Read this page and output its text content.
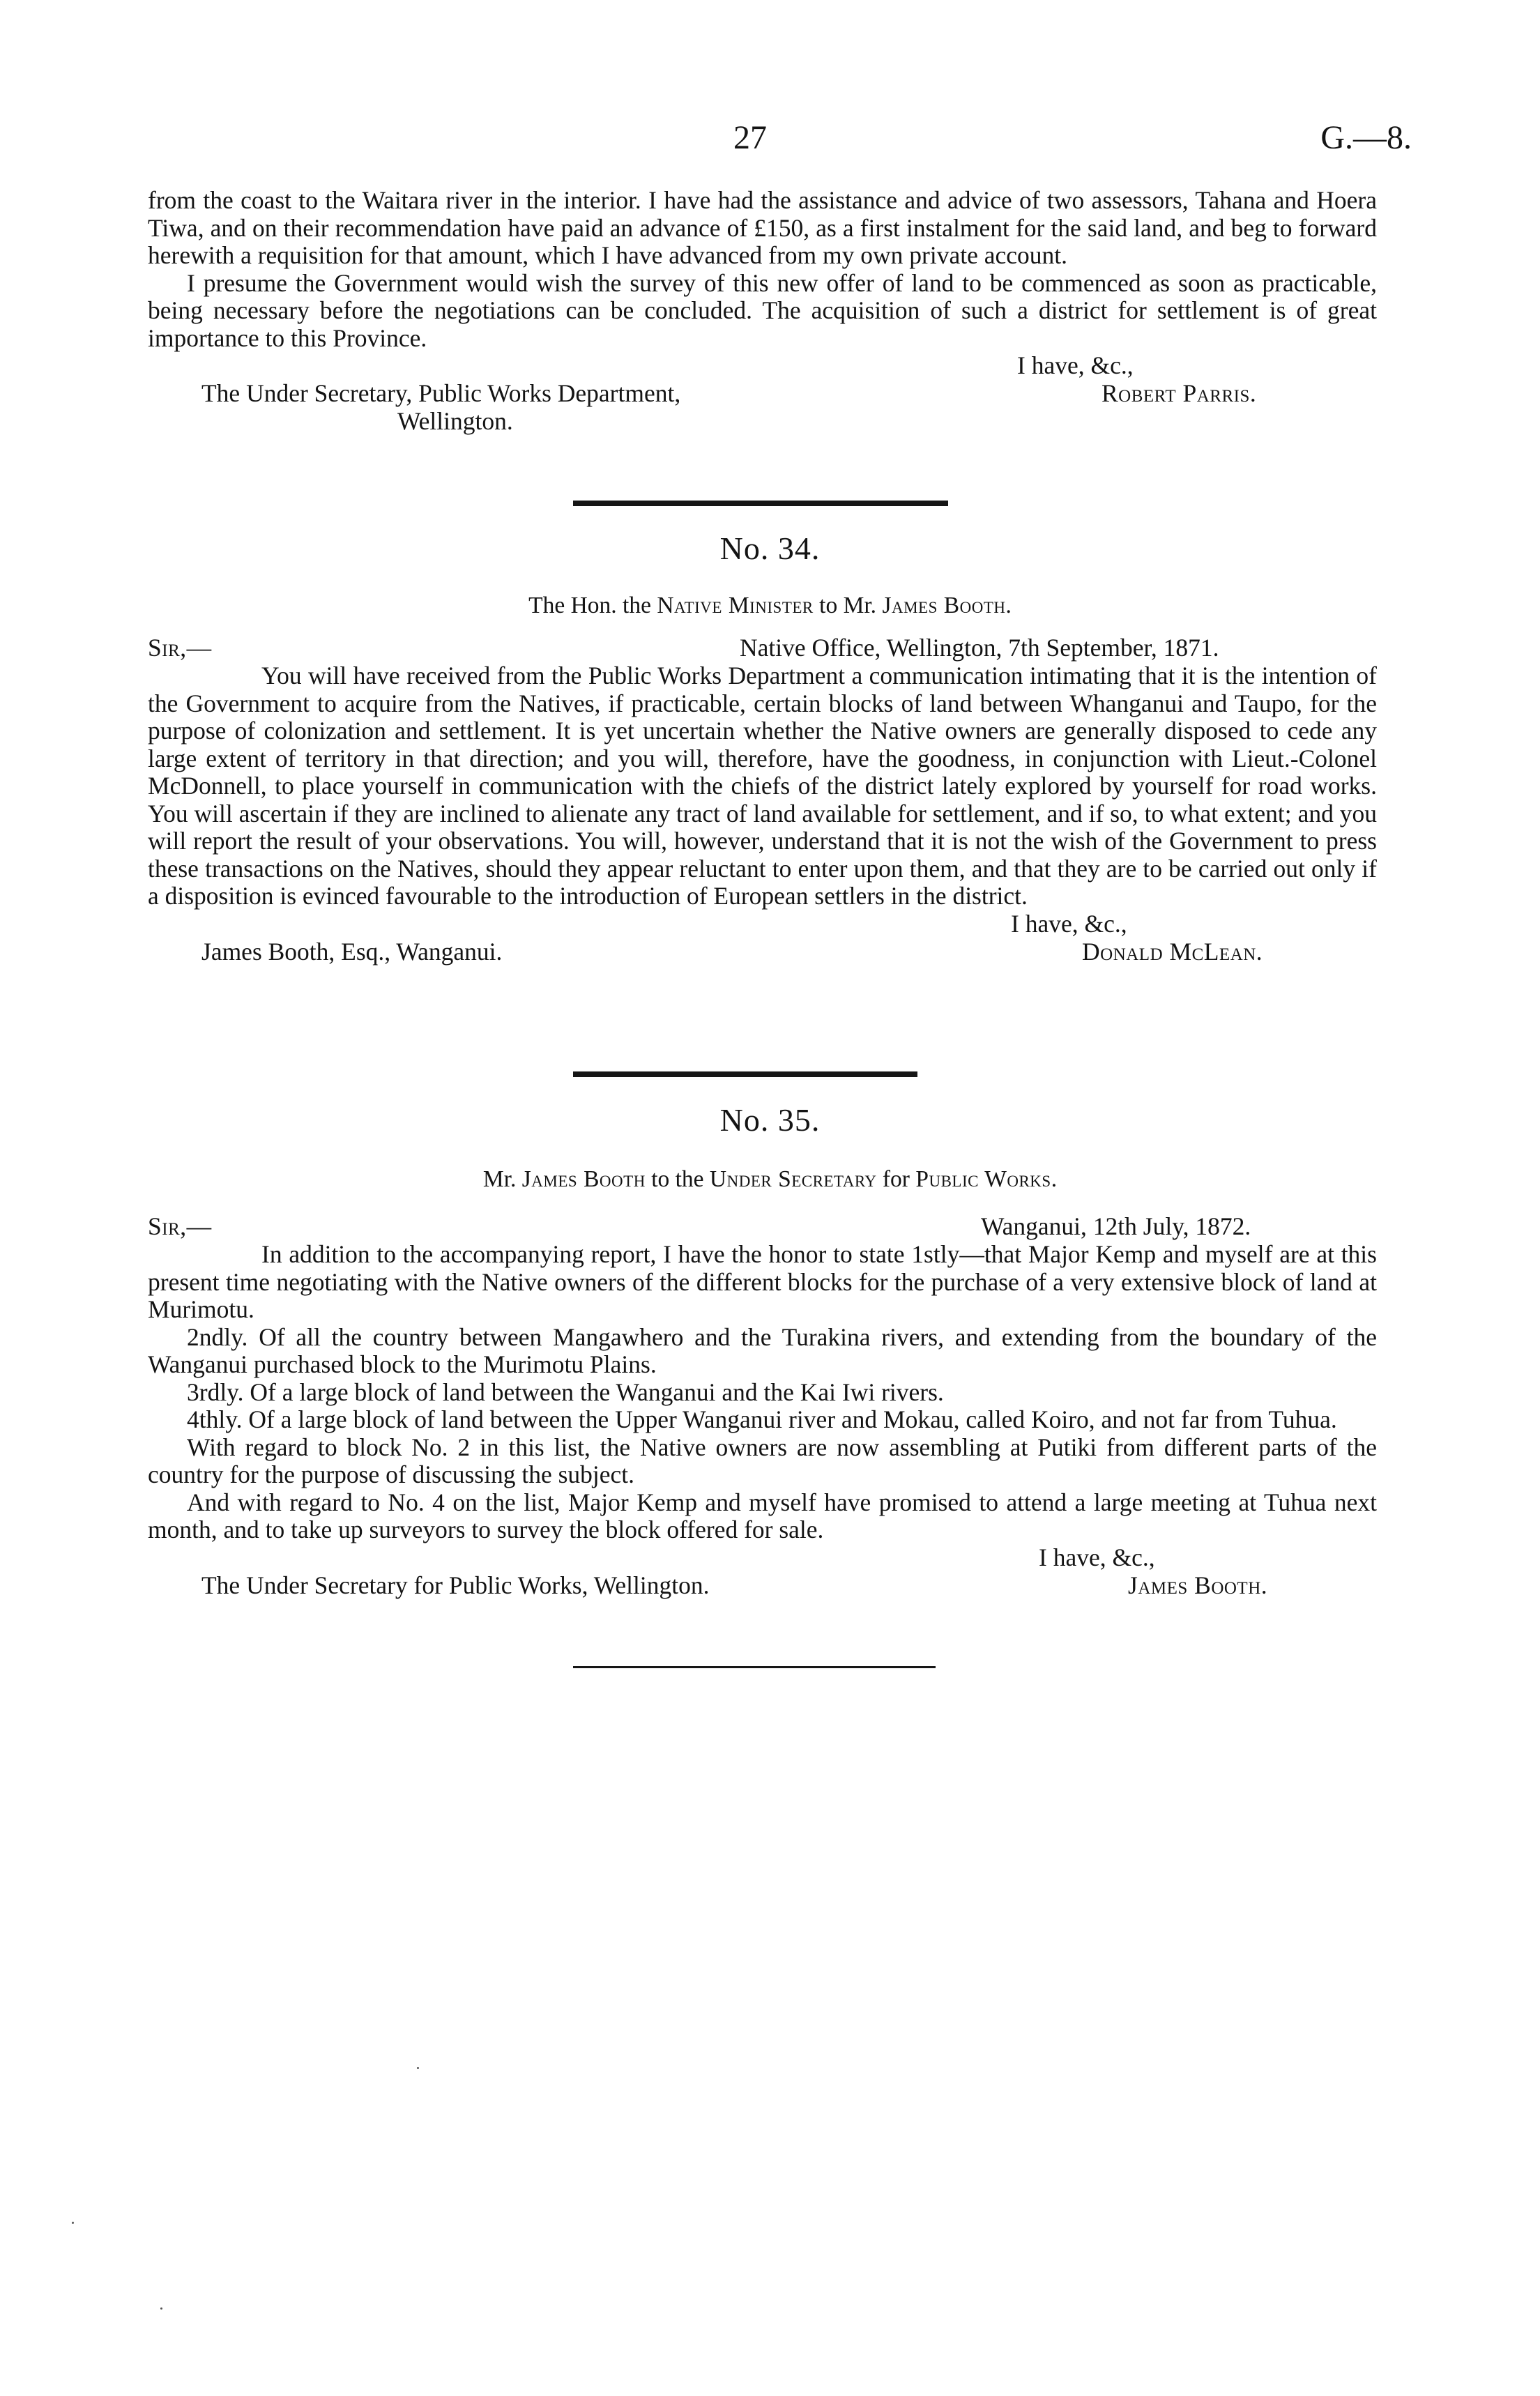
27	G.—8.

from the coast to the Waitara river in the interior. I have had the assistance and advice of two assessors, Tahana and Hoera Tiwa, and on their recommendation have paid an advance of £150, as a first instalment for the said land, and beg to forward herewith a requisition for that amount, which I have advanced from my own private account.

I presume the Government would wish the survey of this new offer of land to be commenced as soon as practicable, being necessary before the negotiations can be concluded. The acquisition of such a district for settlement is of great importance to this Province.

I have, &c.,
The Under Secretary, Public Works Department,	Robert Parris.
Wellington.
No. 34.
The Hon. the Native Minister to Mr. James Booth.
Sir,—	Native Office, Wellington, 7th September, 1871.

You will have received from the Public Works Department a communication intimating that it is the intention of the Government to acquire from the Natives, if practicable, certain blocks of land between Whanganui and Taupo, for the purpose of colonization and settlement. It is yet uncertain whether the Native owners are generally disposed to cede any large extent of territory in that direction; and you will, therefore, have the goodness, in conjunction with Lieut.-Colonel McDonnell, to place yourself in communication with the chiefs of the district lately explored by yourself for road works. You will ascertain if they are inclined to alienate any tract of land available for settlement, and if so, to what extent; and you will report the result of your observations. You will, however, understand that it is not the wish of the Government to press these transactions on the Natives, should they appear reluctant to enter upon them, and that they are to be carried out only if a disposition is evinced favourable to the introduction of European settlers in the district.

I have, &c.,
James Booth, Esq., Wanganui.	Donald McLean.
No. 35.
Mr. James Booth to the Under Secretary for Public Works.
Sir,—	Wanganui, 12th July, 1872.

In addition to the accompanying report, I have the honor to state 1stly—that Major Kemp and myself are at this present time negotiating with the Native owners of the different blocks for the purchase of a very extensive block of land at Murimotu.

2ndly. Of all the country between Mangawhero and the Turakina rivers, and extending from the boundary of the Wanganui purchased block to the Murimotu Plains.

3rdly. Of a large block of land between the Wanganui and the Kai Iwi rivers.

4thly. Of a large block of land between the Upper Wanganui river and Mokau, called Koiro, and not far from Tuhua.

With regard to block No. 2 in this list, the Native owners are now assembling at Putiki from different parts of the country for the purpose of discussing the subject.

And with regard to No. 4 on the list, Major Kemp and myself have promised to attend a large meeting at Tuhua next month, and to take up surveyors to survey the block offered for sale.

I have, &c.,
The Under Secretary for Public Works, Wellington.	James Booth.
